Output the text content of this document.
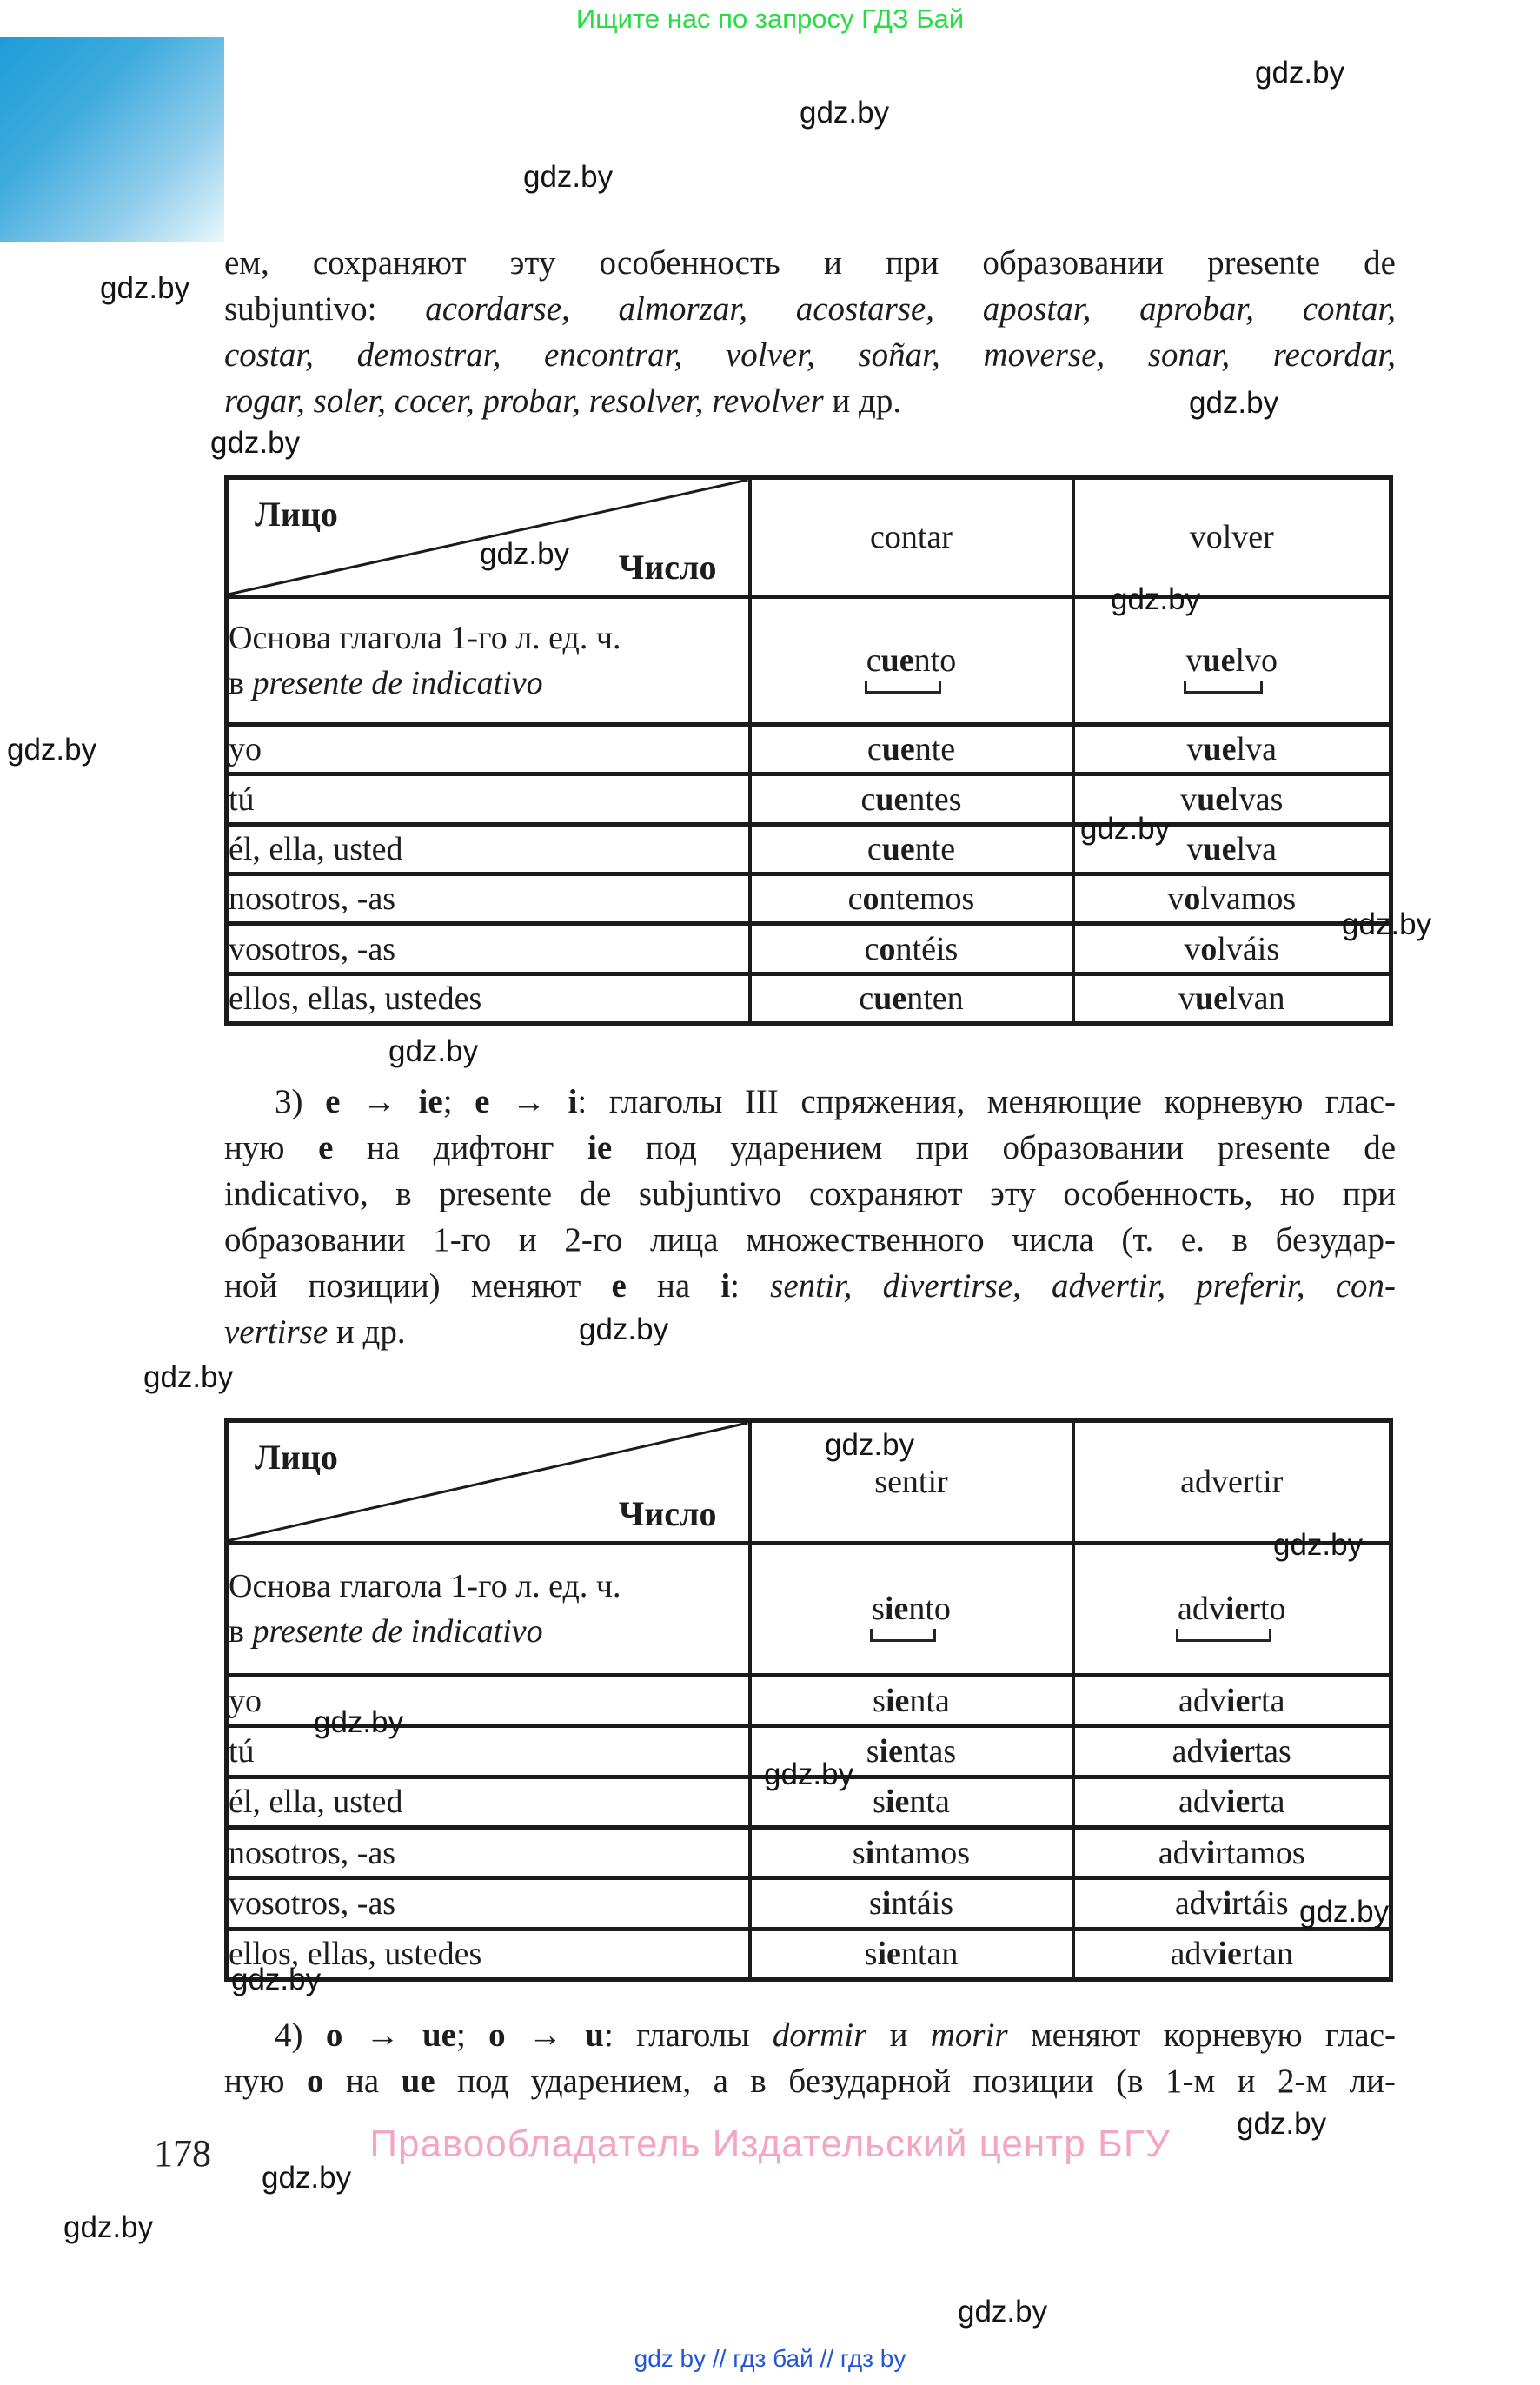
Ищите нас по запросу ГДЗ Бай
ем, сохраняют эту особенность и при образовании presente de
subjuntivo: acordarse, almorzar, acostarse, apostar, aprobar, contar,
costar, demostrar, encontrar, volver, soñar, moverse, sonar, recordar,
rogar, soler, cocer, probar, resolver, revolver и др.
Лицо
Число	contar	volver

Основа глагола 1-го л. ед. ч.
в presente de indicativo	cuento	vuelvo
yo	cuente	vuelva
tú	cuentes	vuelvas
él, ella, usted	cuente	vuelva
nosotros, -as	contemos	volvamos
vosotros, -as	contéis	volváis
ellos, ellas, ustedes	cuenten	vuelvan
3) e → ie; e → i: глаголы III спряжения, меняющие корневую глас-
ную e на дифтонг ie под ударением при образовании presente de
indicativo, в presente de subjuntivo сохраняют эту особенность, но при
образовании 1-го и 2-го лица множественного числа (т. е. в безудар-
ной позиции) меняют e на i: sentir, divertirse, advertir, preferir, con-
vertirse и др.
Лицо
Число	sentir	advertir

Основа глагола 1-го л. ед. ч.
в presente de indicativo	siento	advierto
yo	sienta	advierta
tú	sientas	adviertas
él, ella, usted	sienta	advierta
nosotros, -as	sintamos	advirtamos
vosotros, -as	sintáis	advirtáis
ellos, ellas, ustedes	sientan	adviertan
4) o → ue; o → u: глаголы dormir и morir меняют корневую глас-
ную o на ue под ударением, а в безударной позиции (в 1-м и 2-м ли-
178	Правообладатель Издательский центр БГУ
gdz by // гдз бай // гдз by
gdz.by
gdz.by
gdz.by
gdz.by
gdz.by
gdz.by
gdz.by
gdz.by
gdz.by
gdz.by
gdz.by
gdz.by
gdz.by
gdz.by
gdz.by
gdz.by
gdz.by
gdz.by
gdz.by
gdz.by
gdz.by
gdz.by
gdz.by
gdz.by
